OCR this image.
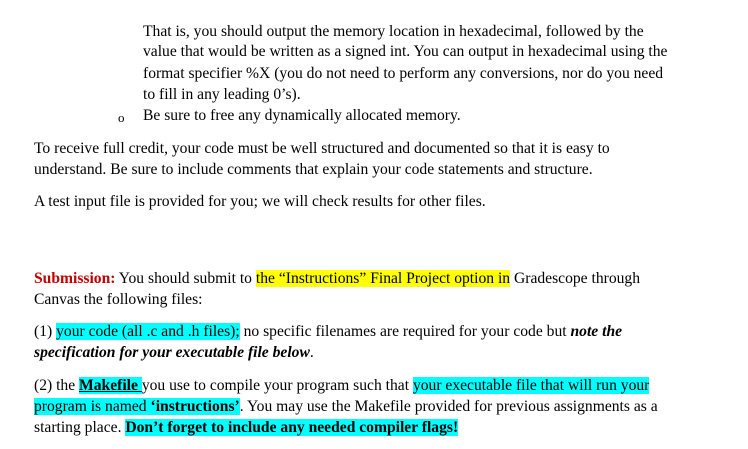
That is, you should output the memory location in hexadecimal, followed by the
value that would be written as a signed int. You can output in hexadecimal using the
format specifier %X (you do not need to perform any conversions, nor do you need
to fill in any leading 0’s).
o Be sure to free any dynamically allocated memory.
To receive full credit, your code must be well structured and documented so that it is easy to
understand. Be sure to include comments that explain your code statements and structure.
A test input file is provided for you; we will check results for other files.
Submission: You should submit to the “Instructions” Final Project option in Gradescope through
Canvas the following files:
(1) your code (all .c and .h files); no specific filenames are required for your code but note the
specification for your executable file below.
(2) the Makefile you use to compile your program such that your executable file that will run your
program is named ‘instructions’. You may use the Makefile provided for previous assignments as a
starting place. Don’t forget to include any needed compiler flags!
